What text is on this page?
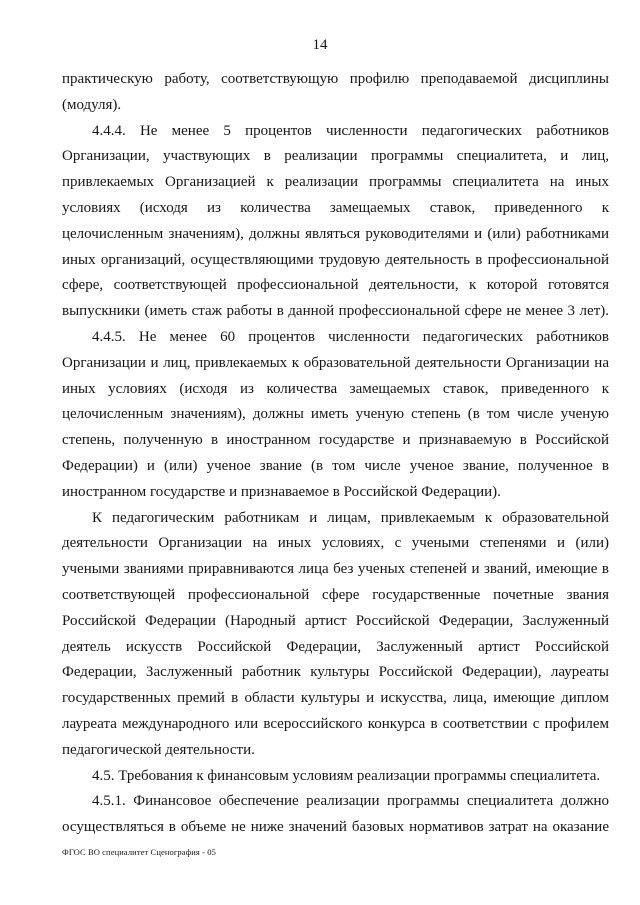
14
практическую работу, соответствующую профилю преподаваемой дисциплины
(модуля).
4.4.4. Не менее 5 процентов численности педагогических работников
Организации, участвующих в реализации программы специалитета, и лиц,
привлекаемых Организацией к реализации программы специалитета на иных
условиях (исходя из количества замещаемых ставок, приведенного к
целочисленным значениям), должны являться руководителями и (или) работниками
иных организаций, осуществляющими трудовую деятельность в профессиональной
сфере, соответствующей профессиональной деятельности, к которой готовятся
выпускники (иметь стаж работы в данной профессиональной сфере не менее 3 лет).
4.4.5. Не менее 60 процентов численности педагогических работников
Организации и лиц, привлекаемых к образовательной деятельности Организации на
иных условиях (исходя из количества замещаемых ставок, приведенного к
целочисленным значениям), должны иметь ученую степень (в том числе ученую
степень, полученную в иностранном государстве и признаваемую в Российской
Федерации) и (или) ученое звание (в том числе ученое звание, полученное в
иностранном государстве и признаваемое в Российской Федерации).
К педагогическим работникам и лицам, привлекаемым к образовательной
деятельности Организации на иных условиях, с учеными степенями и (или)
учеными званиями приравниваются лица без ученых степеней и званий, имеющие в
соответствующей профессиональной сфере государственные почетные звания
Российской Федерации (Народный артист Российской Федерации, Заслуженный
деятель искусств Российской Федерации, Заслуженный артист Российской
Федерации, Заслуженный работник культуры Российской Федерации), лауреаты
государственных премий в области культуры и искусства, лица, имеющие диплом
лауреата международного или всероссийского конкурса в соответствии с профилем
педагогической деятельности.
4.5. Требования к финансовым условиям реализации программы специалитета.
4.5.1. Финансовое обеспечение реализации программы специалитета должно
осуществляться в объеме не ниже значений базовых нормативов затрат на оказание
ФГОС ВО специалитет Сценография - 05
